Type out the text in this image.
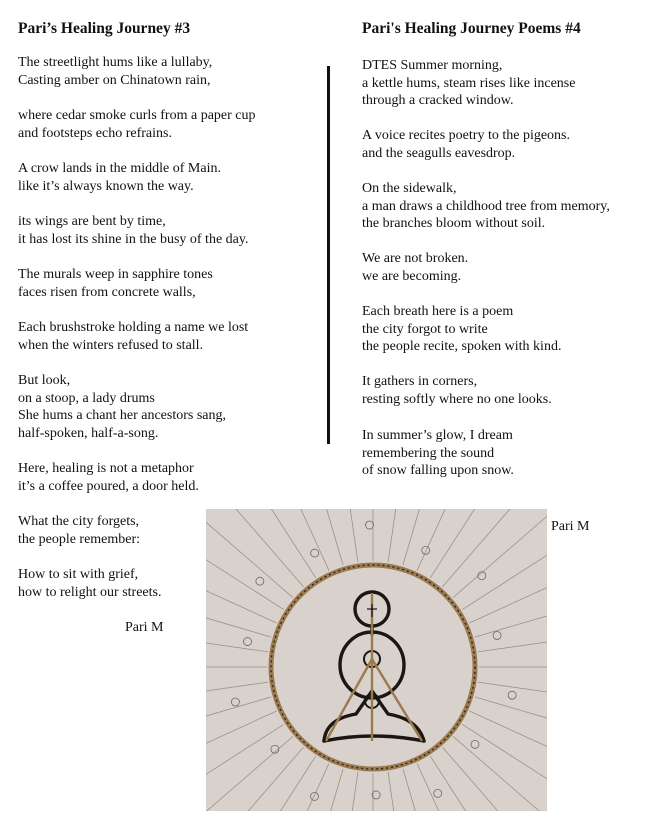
Pari’s Healing Journey #3	Pari's Healing Journey Poems #4
The streetlight hums like a lullaby,
Casting amber on Chinatown rain,
where cedar smoke curls from a paper cup
and footsteps echo refrains.
A crow lands in the middle of Main.
like it’s always known the way.
its wings are bent by time,
it has lost its shine in the busy of the day.
The murals weep in sapphire tones
faces risen from concrete walls,
Each brushstroke holding a name we lost
when the winters refused to stall.
But look,
on a stoop, a lady drums
She hums a chant her ancestors sang,
half-spoken, half-a-song.
Here, healing is not a metaphor
it’s a coffee poured, a door held.
What the city forgets,
the people remember:
How to sit with grief,
how to relight our streets.
Pari M
DTES Summer morning,
a kettle hums, steam rises like incense
through a cracked window.
A voice recites poetry to the pigeons.
and the seagulls eavesdrop.
On the sidewalk,
a man draws a childhood tree from memory,
the branches bloom without soil.
We are not broken.
we are becoming.
Each breath here is a poem
the city forgot to write
the people recite, spoken with kind.
It gathers in corners,
resting softly where no one looks.
In summer’s glow, I dream
remembering the sound
of snow falling upon snow.
Pari M
